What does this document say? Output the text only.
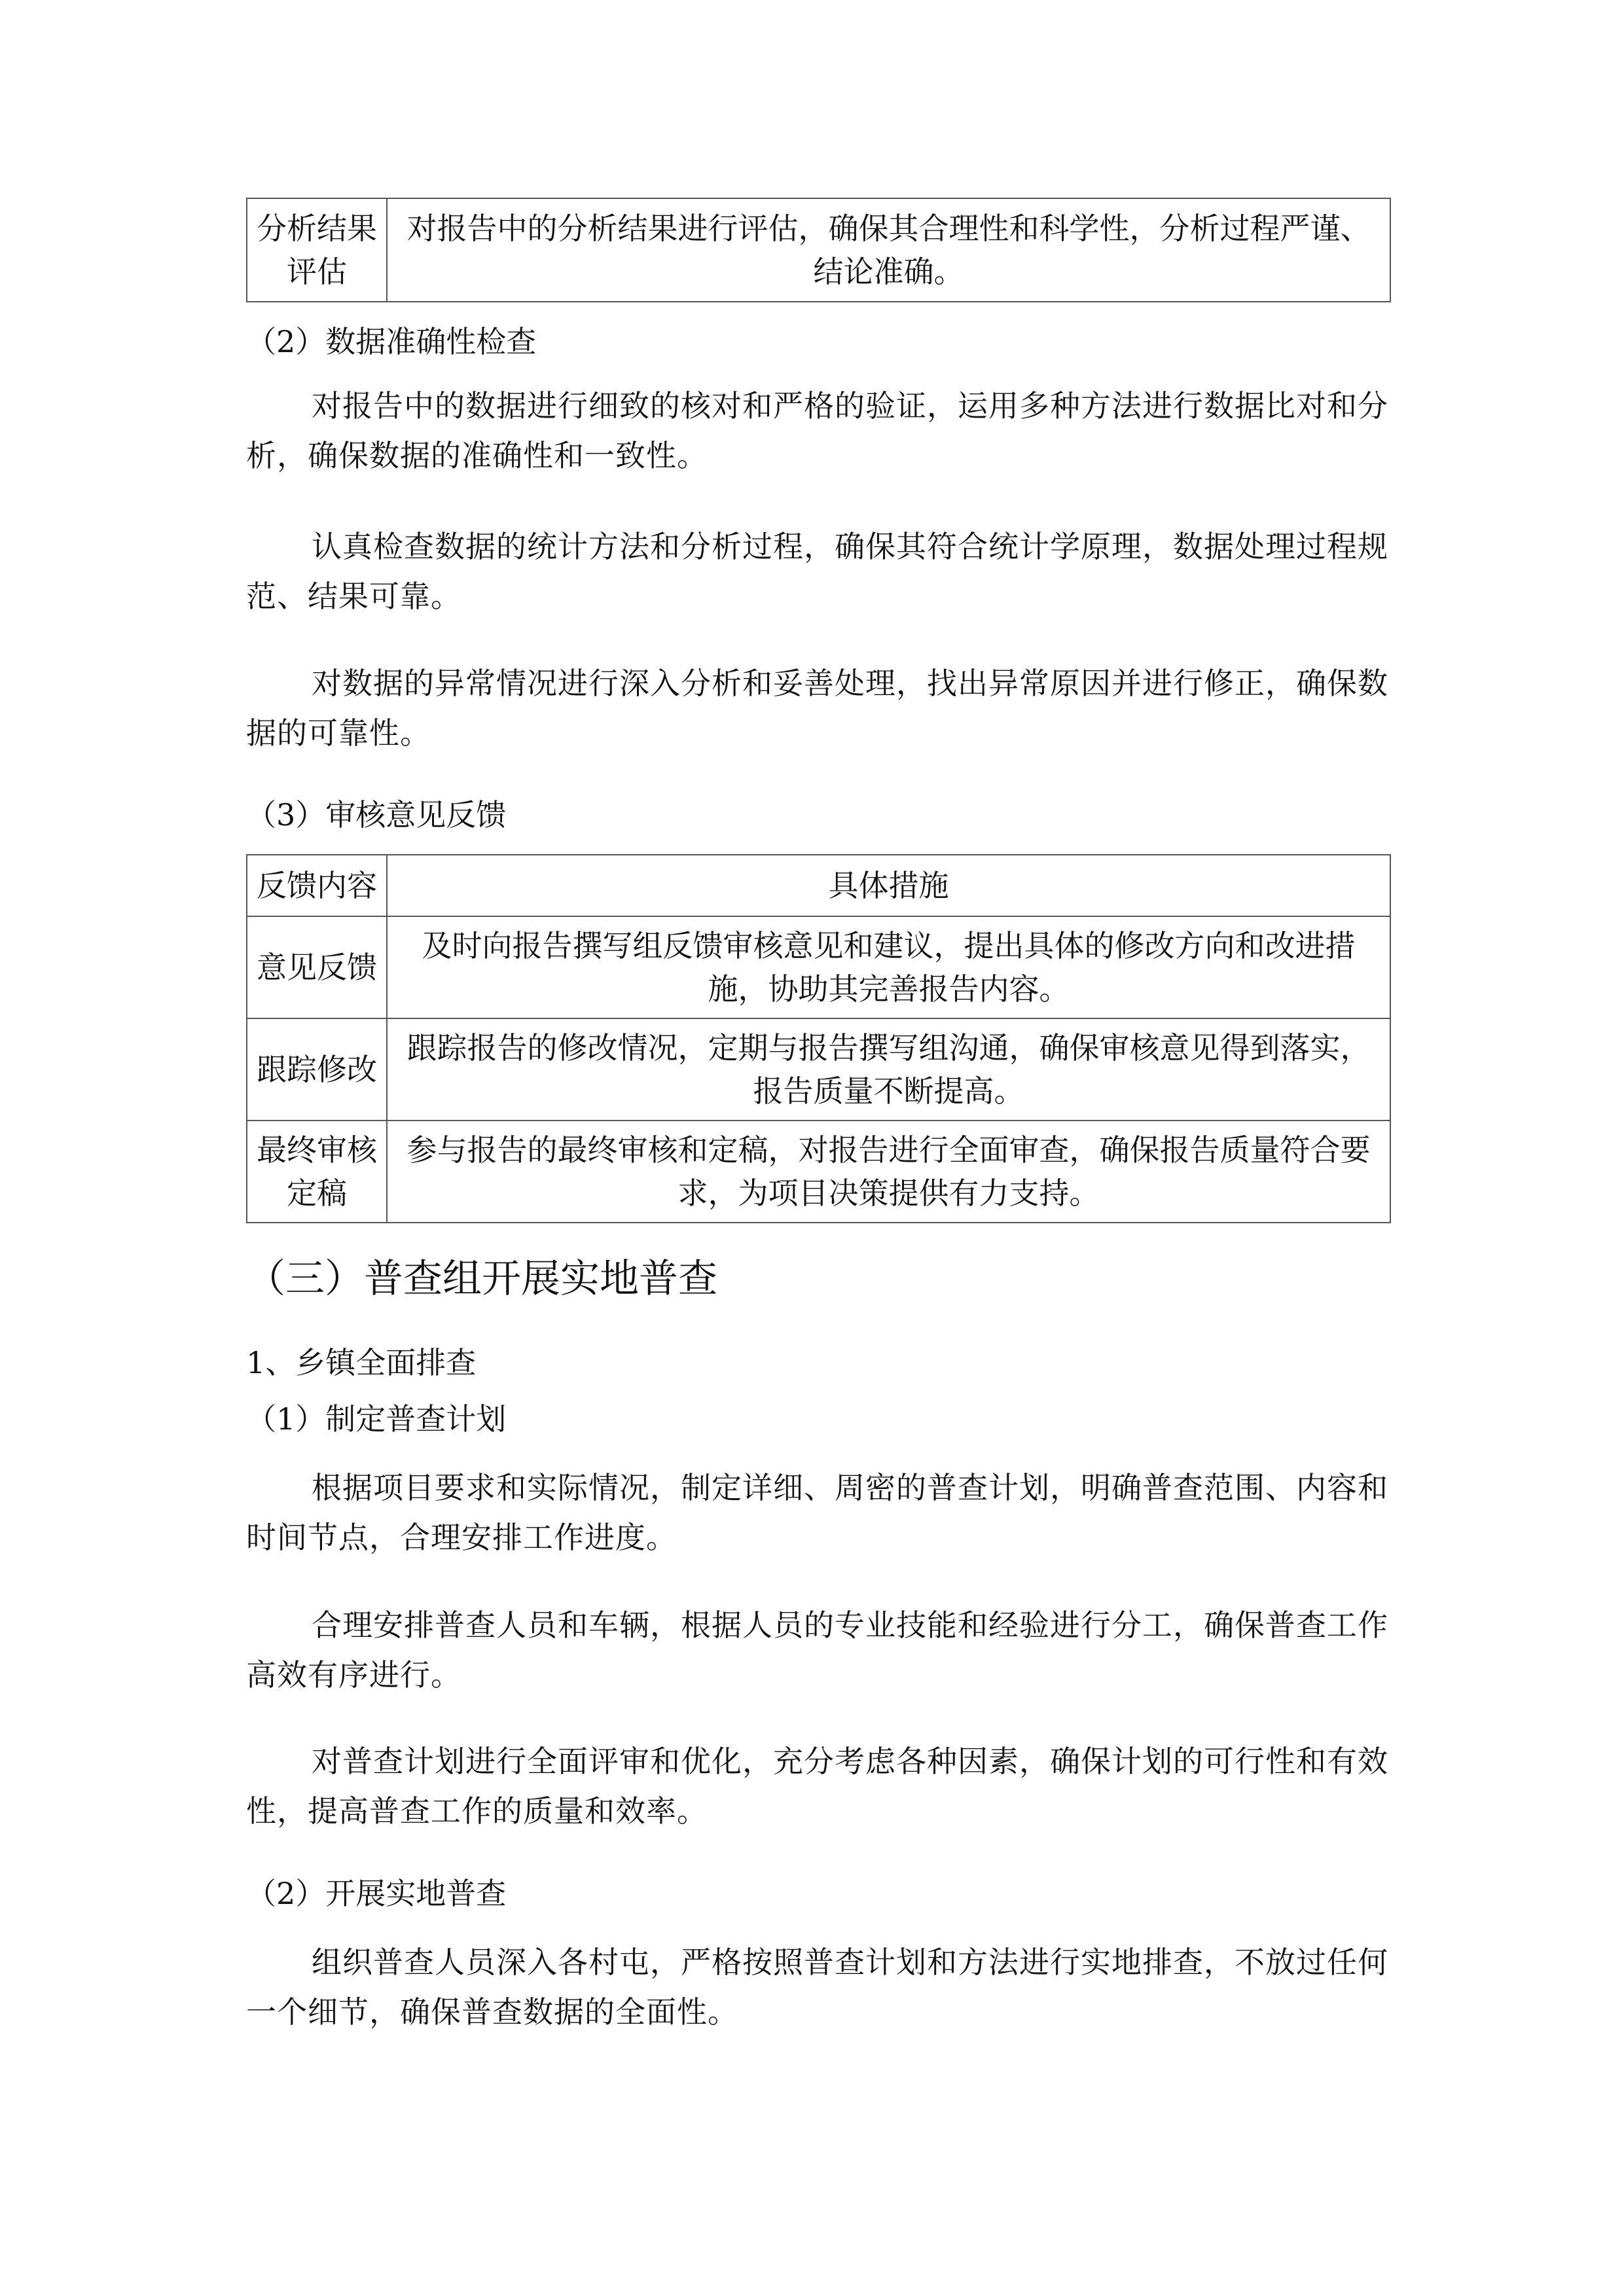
分析结果评估	对报告中的分析结果进行评估，确保其合理性和科学性，分析过程严谨、结论准确。

（2）数据准确性检查

对报告中的数据进行细致的核对和严格的验证，运用多种方法进行数据比对和分析，确保数据的准确性和一致性。

认真检查数据的统计方法和分析过程，确保其符合统计学原理，数据处理过程规范、结果可靠。

对数据的异常情况进行深入分析和妥善处理，找出异常原因并进行修正，确保数据的可靠性。

（3）审核意见反馈

反馈内容	具体措施
意见反馈	及时向报告撰写组反馈审核意见和建议，提出具体的修改方向和改进措施，协助其完善报告内容。
跟踪修改	跟踪报告的修改情况，定期与报告撰写组沟通，确保审核意见得到落实，报告质量不断提高。
最终审核定稿	参与报告的最终审核和定稿，对报告进行全面审查，确保报告质量符合要求，为项目决策提供有力支持。

（三）普查组开展实地普查

1、乡镇全面排查

（1）制定普查计划

根据项目要求和实际情况，制定详细、周密的普查计划，明确普查范围、内容和时间节点，合理安排工作进度。

合理安排普查人员和车辆，根据人员的专业技能和经验进行分工，确保普查工作高效有序进行。

对普查计划进行全面评审和优化，充分考虑各种因素，确保计划的可行性和有效性，提高普查工作的质量和效率。

（2）开展实地普查

组织普查人员深入各村屯，严格按照普查计划和方法进行实地排查，不放过任何一个细节，确保普查数据的全面性。
